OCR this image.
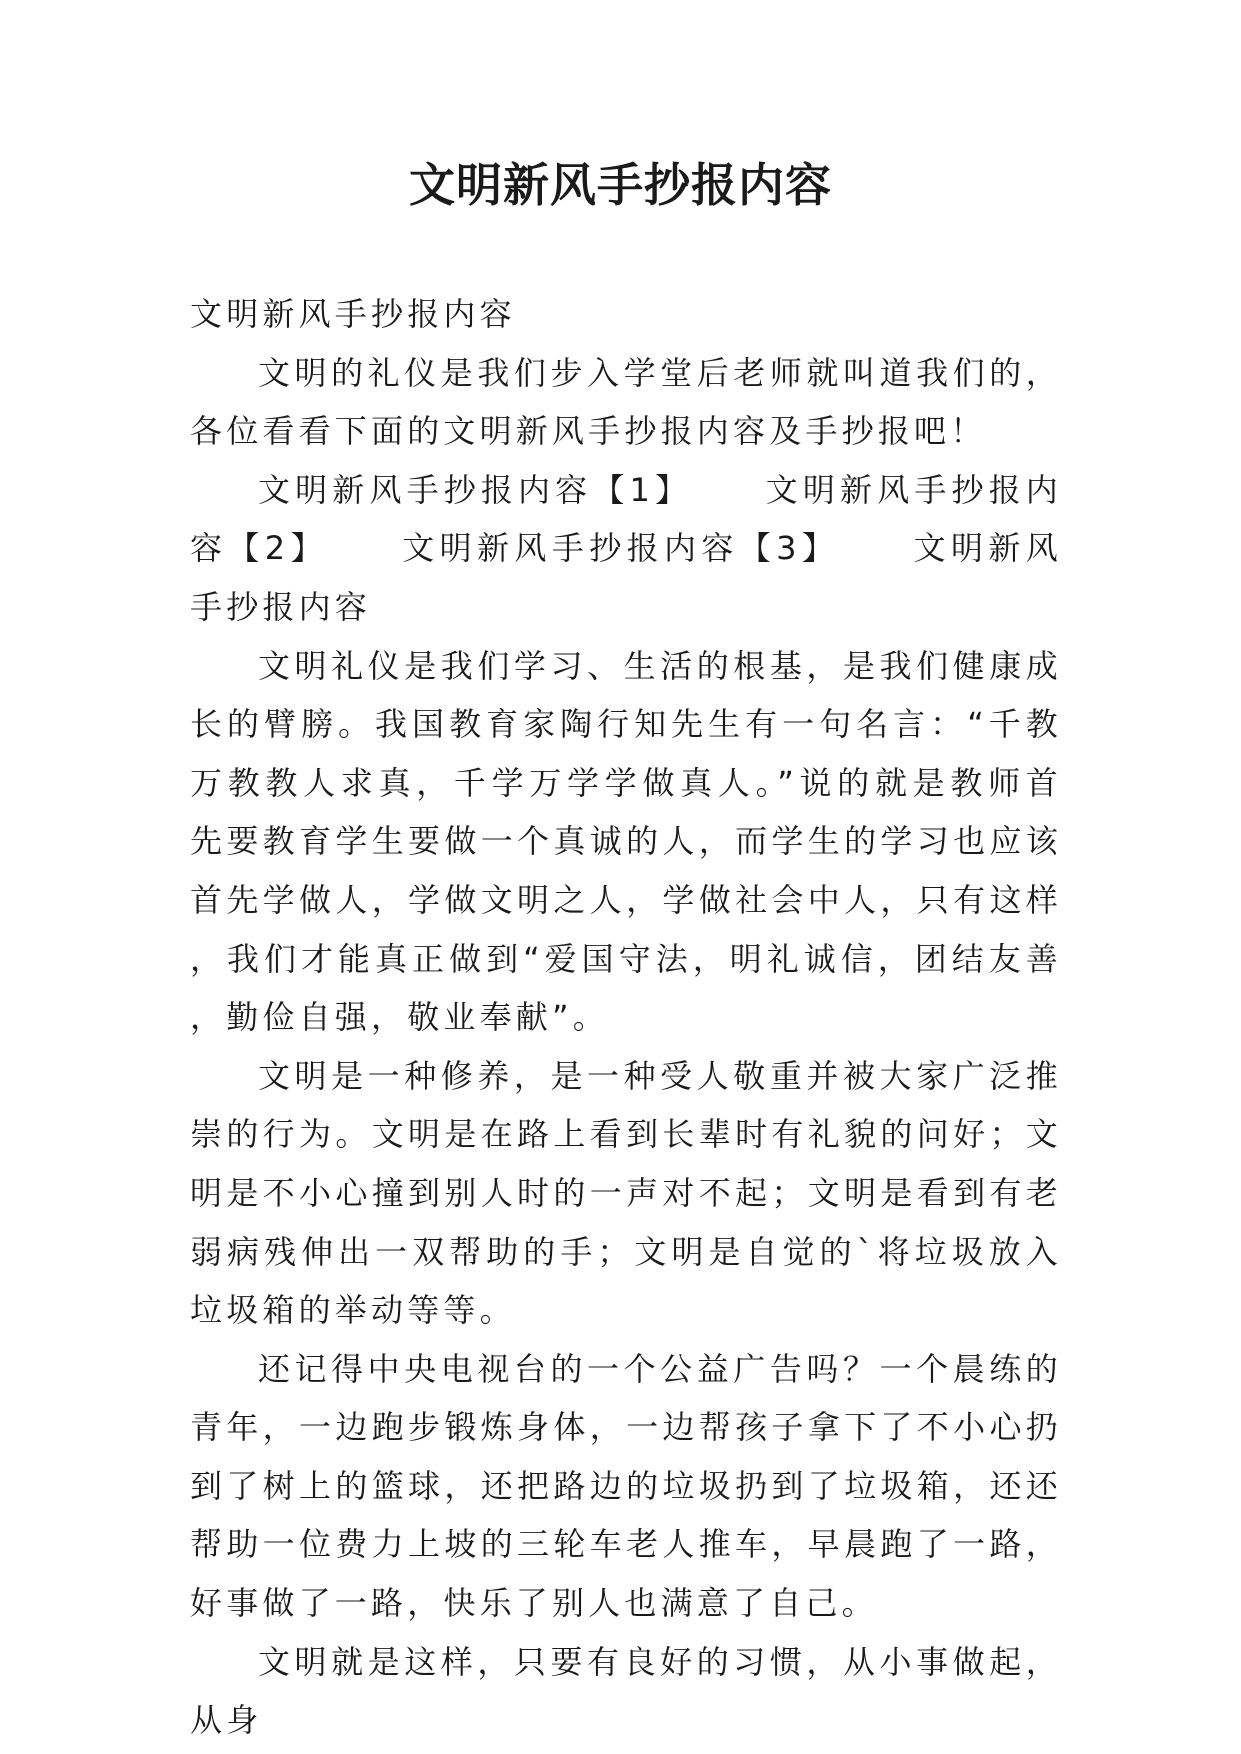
文明新风手抄报内容

文明新风手抄报内容

文明的礼仪是我们步入学堂后老师就叫道我们的，各位看看下面的文明新风手抄报内容及手抄报吧！

文明新风手抄报内容【1】　　 文明新风手抄报内容【2】　　 文明新风手抄报内容【3】　　 文明新风手抄报内容

文明礼仪是我们学习、生活的根基，是我们健康成长的臂膀。我国教育家陶行知先生有一句名言：“千教万教教人求真，千学万学学做真人。”说的就是教师首先要教育学生要做一个真诚的人，而学生的学习也应该首先学做人，学做文明之人，学做社会中人，只有这样，我们才能真正做到“爱国守法，明礼诚信，团结友善，勤俭自强，敬业奉献”。

文明是一种修养，是一种受人敬重并被大家广泛推崇的行为。文明是在路上看到长辈时有礼貌的问好；文明是不小心撞到别人时的一声对不起；文明是看到有老弱病残伸出一双帮助的手；文明是自觉的`将垃圾放入垃圾箱的举动等等。

还记得中央电视台的一个公益广告吗？一个晨练的青年，一边跑步锻炼身体，一边帮孩子拿下了不小心扔到了树上的篮球，还把路边的垃圾扔到了垃圾箱，还还帮助一位费力上坡的三轮车老人推车，早晨跑了一路，好事做了一路，快乐了别人也满意了自己。

文明就是这样，只要有良好的习惯，从小事做起，从身
